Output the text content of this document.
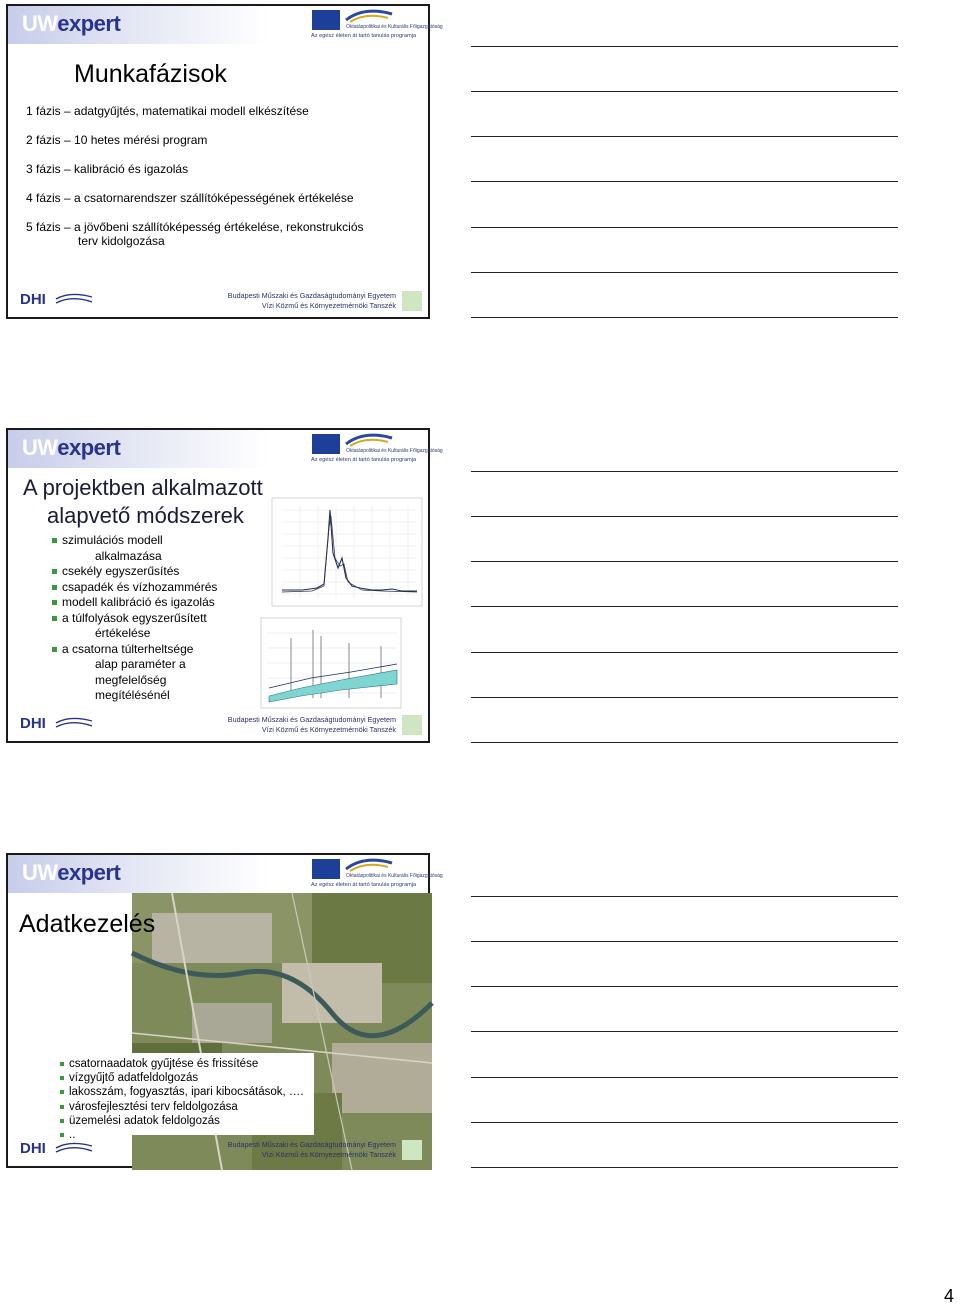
UWexpert	Oktatáspolitikai és Kulturális Főigazgatóság
Az egész életen át tartó tanulás programja
Munkafázisok
1 fázis – adatgyűjtés, matematikai modell elkészítése
2 fázis – 10 hetes mérési program
3 fázis – kalibráció és igazolás
4 fázis – a csatornarendszer szállítóképességének értékelése
5 fázis – a jövőbeni szállítóképesség értékelése, rekonstrukciós
terv kidolgozása
DHI	Budapesti Műszaki és Gazdaságtudományi Egyetem
Vízi Közmű és Környezetmérnöki Tanszék
UWexpert	Oktatáspolitikai és Kulturális Főigazgatóság
Az egész életen át tartó tanulás programja
A projektben alkalmazott
alapvető módszerek
szimulációs modell
alkalmazása
csekély egyszerűsítés
csapadék és vízhozammérés
modell kalibráció és igazolás
a túlfolyások egyszerűsített
értékelése
a csatorna túlterheltsége
alap paraméter a
megfelelőség
megítélésénél
DHI	Budapesti Műszaki és Gazdaságtudományi Egyetem
Vízi Közmű és Környezetmérnöki Tanszék
UWexpert	Oktatáspolitikai és Kulturális Főigazgatóság
Az egész életen át tartó tanulás programja
Adatkezelés
csatornaadatok gyűjtése és frissítése
vízgyűjtő adatfeldolgozás
lakosszám, fogyasztás, ipari kibocsátások, ….
városfejlesztési terv feldolgozása
üzemelési adatok feldolgozás
..
DHI	Budapesti Műszaki és Gazdaságtudományi Egyetem
Vízi Közmű és Környezetmérnöki Tanszék
4
